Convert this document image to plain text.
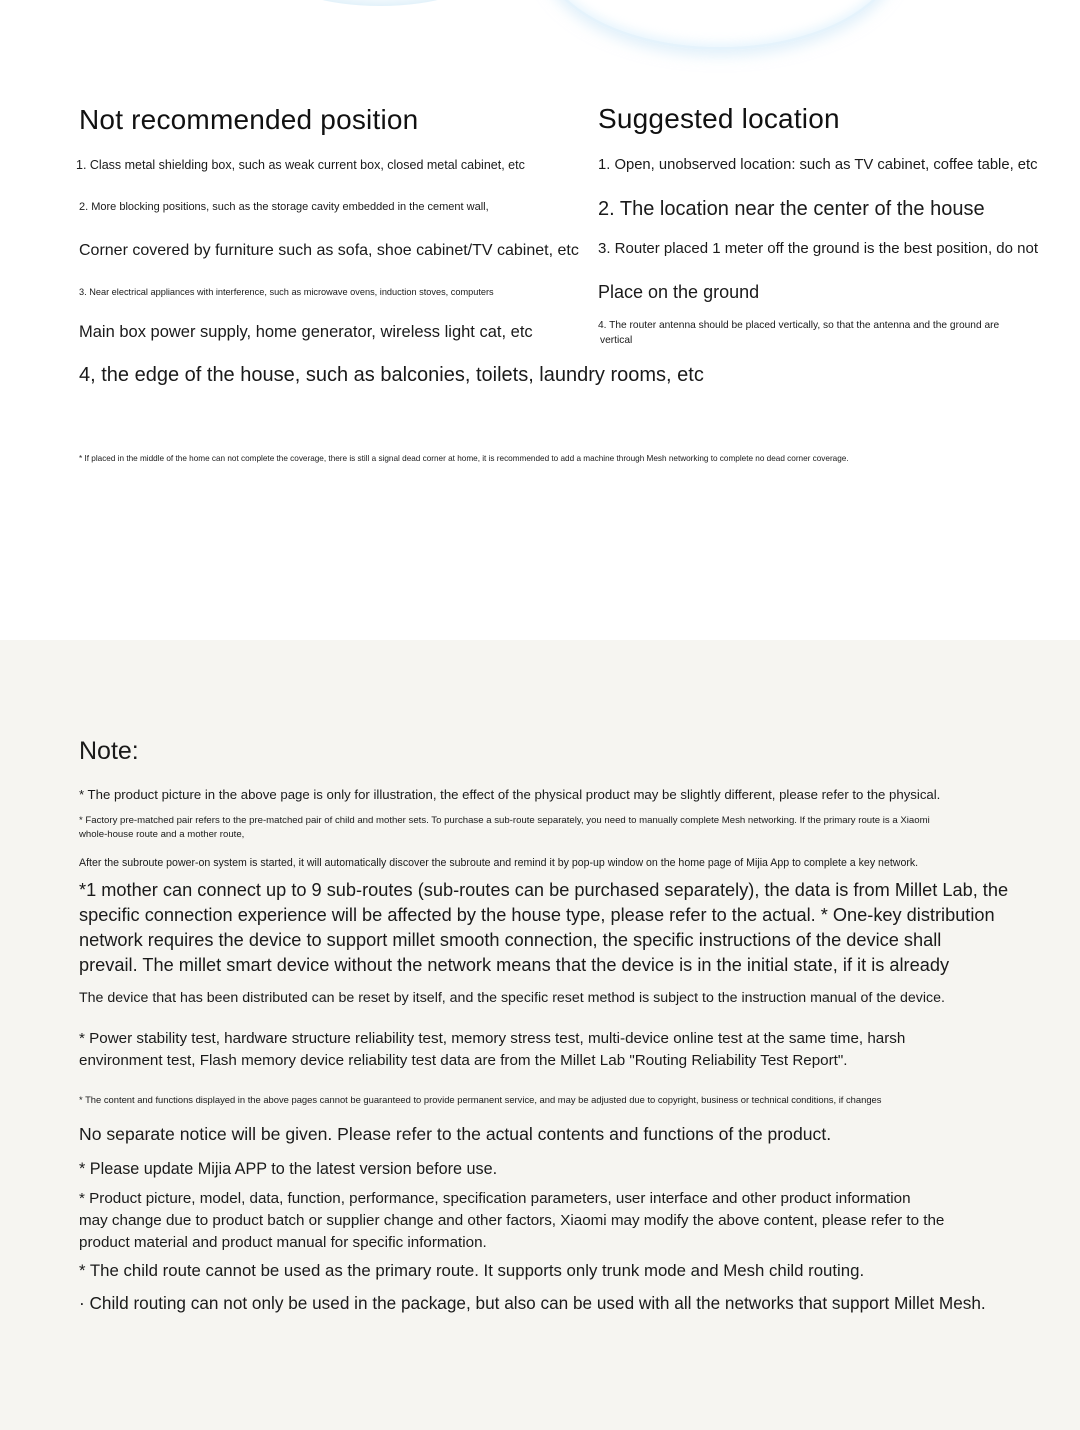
Not recommended position
1. Class metal shielding box, such as weak current box, closed metal cabinet, etc
2. More blocking positions, such as the storage cavity embedded in the cement wall,
Corner covered by furniture such as sofa, shoe cabinet/TV cabinet, etc
3. Near electrical appliances with interference, such as microwave ovens, induction stoves, computers
Main box power supply, home generator, wireless light cat, etc
4, the edge of the house, such as balconies, toilets, laundry rooms, etc
Suggested location
1. Open, unobserved location: such as TV cabinet, coffee table, etc
2. The location near the center of the house
3. Router placed 1 meter off the ground is the best position, do not
Place on the ground
4. The router antenna should be placed vertically, so that the antenna and the ground are
vertical
* If placed in the middle of the home can not complete the coverage, there is still a signal dead corner at home, it is recommended to add a machine through Mesh networking to complete no dead corner coverage.
Note:
* The product picture in the above page is only for illustration, the effect of the physical product may be slightly different, please refer to the physical.
* Factory pre-matched pair refers to the pre-matched pair of child and mother sets. To purchase a sub-route separately, you need to manually complete Mesh networking. If the primary route is a Xiaomi
whole-house route and a mother route,
After the subroute power-on system is started, it will automatically discover the subroute and remind it by pop-up window on the home page of Mijia App to complete a key network.
*1 mother can connect up to 9 sub-routes (sub-routes can be purchased separately), the data is from Millet Lab, the
specific connection experience will be affected by the house type, please refer to the actual. * One-key distribution
network requires the device to support millet smooth connection, the specific instructions of the device shall
prevail. The millet smart device without the network means that the device is in the initial state, if it is already
The device that has been distributed can be reset by itself, and the specific reset method is subject to the instruction manual of the device.
* Power stability test, hardware structure reliability test, memory stress test, multi-device online test at the same time, harsh
environment test, Flash memory device reliability test data are from the Millet Lab "Routing Reliability Test Report".
* The content and functions displayed in the above pages cannot be guaranteed to provide permanent service, and may be adjusted due to copyright, business or technical conditions, if changes
No separate notice will be given. Please refer to the actual contents and functions of the product.
* Please update Mijia APP to the latest version before use.
* Product picture, model, data, function, performance, specification parameters, user interface and other product information
may change due to product batch or supplier change and other factors, Xiaomi may modify the above content, please refer to the
product material and product manual for specific information.
* The child route cannot be used as the primary route. It supports only trunk mode and Mesh child routing.
· Child routing can not only be used in the package, but also can be used with all the networks that support Millet Mesh.
